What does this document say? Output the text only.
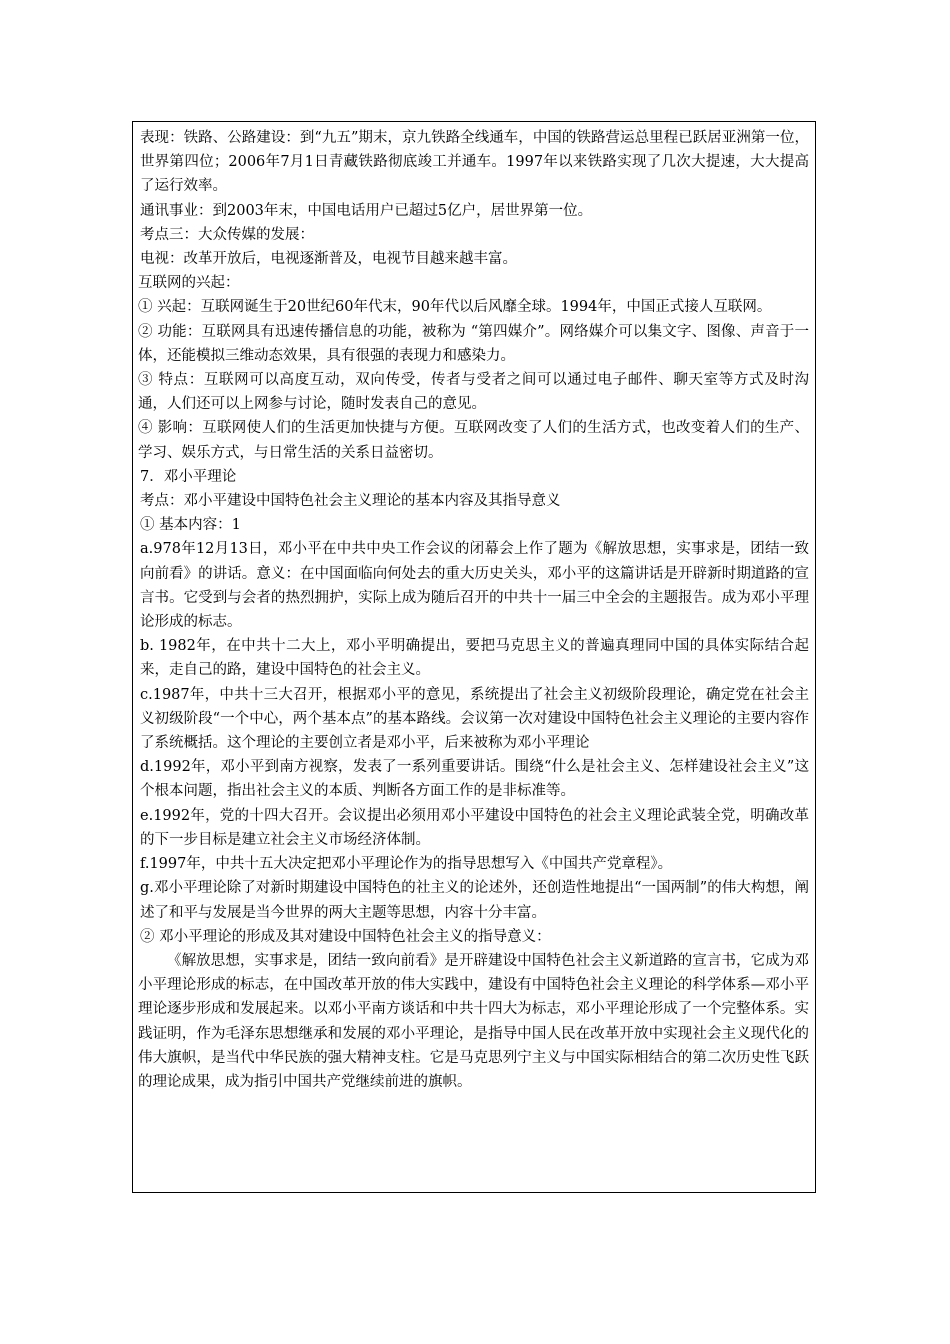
表现：铁路、公路建设：到“九五”期末，京九铁路全线通车，中国的铁路营运总里程已跃居亚洲第一位，世界第四位；2006年7月1日青藏铁路彻底竣工并通车。1997年以来铁路实现了几次大提速，大大提高了运行效率。

通讯事业：到2003年末，中国电话用户已超过5亿户，居世界第一位。

考点三：大众传媒的发展：

电视：改革开放后，电视逐渐普及，电视节目越来越丰富。

互联网的兴起：

① 兴起：互联网诞生于20世纪60年代末，90年代以后风靡全球。1994年，中国正式接人互联网。

② 功能：互联网具有迅速传播信息的功能，被称为 “第四媒介”。网络媒介可以集文字、图像、声音于一体，还能模拟三维动态效果，具有很强的表现力和感染力。

③ 特点：互联网可以高度互动，双向传受，传者与受者之间可以通过电子邮件、聊天室等方式及时沟通，人们还可以上网参与讨论，随时发表自己的意见。

④ 影响：互联网使人们的生活更加快捷与方便。互联网改变了人们的生活方式，也改变着人们的生产、学习、娱乐方式，与日常生活的关系日益密切。

7．邓小平理论

考点：邓小平建设中国特色社会主义理论的基本内容及其指导意义

① 基本内容：1

a.978年12月13日，邓小平在中共中央工作会议的闭幕会上作了题为《解放思想，实事求是，团结一致向前看》的讲话。意义：在中国面临向何处去的重大历史关头，邓小平的这篇讲话是开辟新时期道路的宣言书。它受到与会者的热烈拥护，实际上成为随后召开的中共十一届三中全会的主题报告。成为邓小平理论形成的标志。

b. 1982年，在中共十二大上，邓小平明确提出，要把马克思主义的普遍真理同中国的具体实际结合起来，走自己的路，建设中国特色的社会主义。

c.1987年，中共十三大召开，根据邓小平的意见，系统提出了社会主义初级阶段理论，确定党在社会主义初级阶段“一个中心，两个基本点”的基本路线。会议第一次对建设中国特色社会主义理论的主要内容作了系统概括。这个理论的主要创立者是邓小平，后来被称为邓小平理论

d.1992年，邓小平到南方视察，发表了一系列重要讲话。围绕“什么是社会主义、怎样建设社会主义”这个根本问题，指出社会主义的本质、判断各方面工作的是非标准等。

e.1992年，党的十四大召开。会议提出必须用邓小平建设中国特色的社会主义理论武装全党，明确改革的下一步目标是建立社会主义市场经济体制。

f.1997年，中共十五大决定把邓小平理论作为的指导思想写入《中国共产党章程》。

g.邓小平理论除了对新时期建设中国特色的社主义的论述外，还创造性地提出“一国两制”的伟大构想，阐述了和平与发展是当今世界的两大主题等思想，内容十分丰富。

② 邓小平理论的形成及其对建设中国特色社会主义的指导意义：

《解放思想，实事求是，团结一致向前看》是开辟建设中国特色社会主义新道路的宣言书，它成为邓小平理论形成的标志，在中国改革开放的伟大实践中，建设有中国特色社会主义理论的科学体系—邓小平理论逐步形成和发展起来。以邓小平南方谈话和中共十四大为标志，邓小平理论形成了一个完整体系。实践证明，作为毛泽东思想继承和发展的邓小平理论，是指导中国人民在改革开放中实现社会主义现代化的伟大旗帜，是当代中华民族的强大精神支柱。它是马克思列宁主义与中国实际相结合的第二次历史性飞跃的理论成果，成为指引中国共产党继续前进的旗帜。
